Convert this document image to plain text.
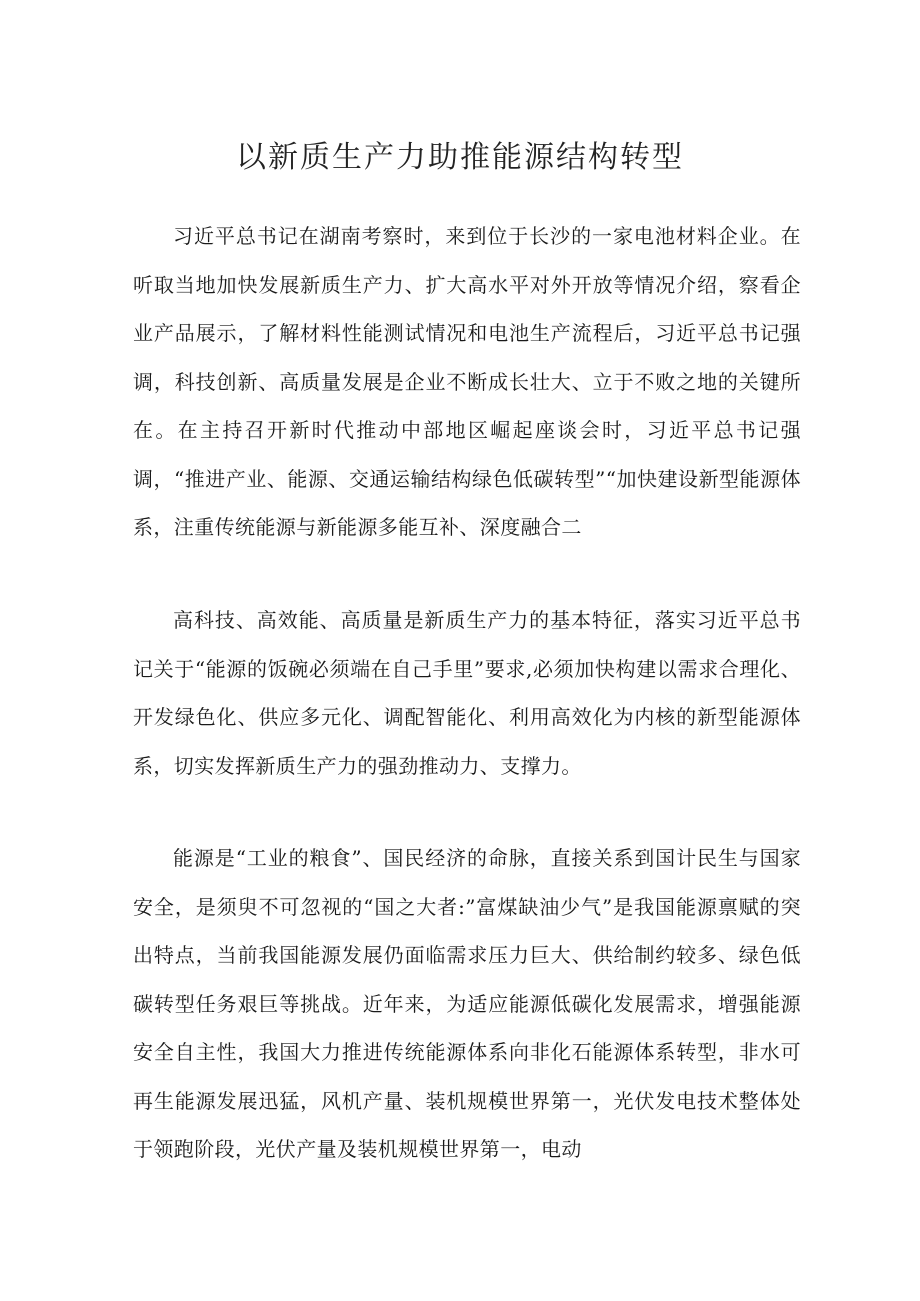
以新质生产力助推能源结构转型

习近平总书记在湖南考察时，来到位于长沙的一家电池材料企业。在听取当地加快发展新质生产力、扩大高水平对外开放等情况介绍，察看企业产品展示，了解材料性能测试情况和电池生产流程后，习近平总书记强调，科技创新、高质量发展是企业不断成长壮大、立于不败之地的关键所在。在主持召开新时代推动中部地区崛起座谈会时，习近平总书记强调，“推进产业、能源、交通运输结构绿色低碳转型”“加快建设新型能源体系，注重传统能源与新能源多能互补、深度融合二

高科技、高效能、高质量是新质生产力的基本特征，落实习近平总书记关于“能源的饭碗必须端在自己手里”要求,必须加快构建以需求合理化、开发绿色化、供应多元化、调配智能化、利用高效化为内核的新型能源体系，切实发挥新质生产力的强劲推动力、支撑力。

能源是“工业的粮食”、国民经济的命脉，直接关系到国计民生与国家安全，是须臾不可忽视的“国之大者:”富煤缺油少气”是我国能源禀赋的突出特点，当前我国能源发展仍面临需求压力巨大、供给制约较多、绿色低碳转型任务艰巨等挑战。近年来，为适应能源低碳化发展需求，增强能源安全自主性，我国大力推进传统能源体系向非化石能源体系转型，非水可再生能源发展迅猛，风机产量、装机规模世界第一，光伏发电技术整体处于领跑阶段，光伏产量及装机规模世界第一，电动
